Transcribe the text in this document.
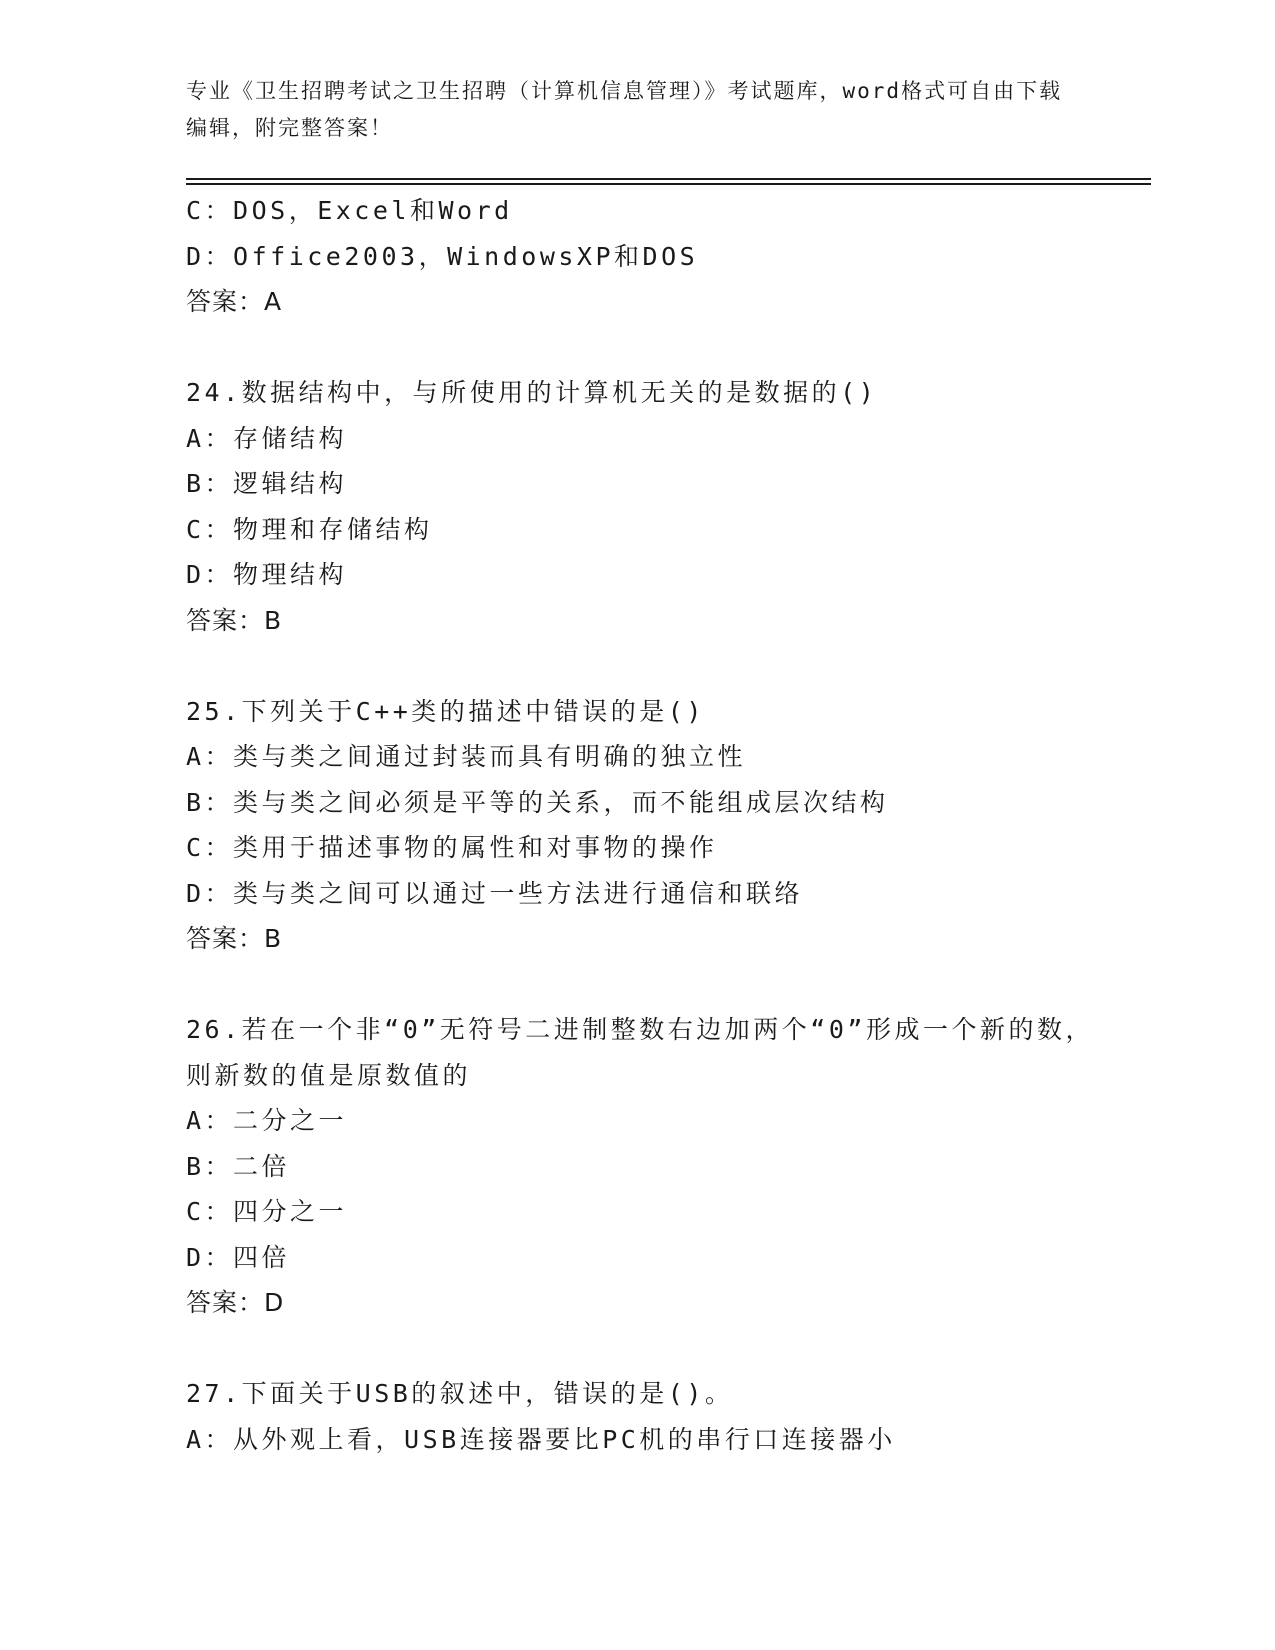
专业《卫生招聘考试之卫生招聘（计算机信息管理）》考试题库，word格式可自由下载编辑，附完整答案！
C：DOS，Excel和Word
D：Office2003，WindowsXP和DOS
答案：A
24.数据结构中，与所使用的计算机无关的是数据的()
A：存储结构
B：逻辑结构
C：物理和存储结构
D：物理结构
答案：B
25.下列关于C++类的描述中错误的是()
A：类与类之间通过封装而具有明确的独立性
B：类与类之间必须是平等的关系，而不能组成层次结构
C：类用于描述事物的属性和对事物的操作
D：类与类之间可以通过一些方法进行通信和联络
答案：B
26.若在一个非“0”无符号二进制整数右边加两个“0”形成一个新的数，则新数的值是原数值的
A：二分之一
B：二倍
C：四分之一
D：四倍
答案：D
27.下面关于USB的叙述中，错误的是()。
A：从外观上看，USB连接器要比PC机的串行口连接器小
